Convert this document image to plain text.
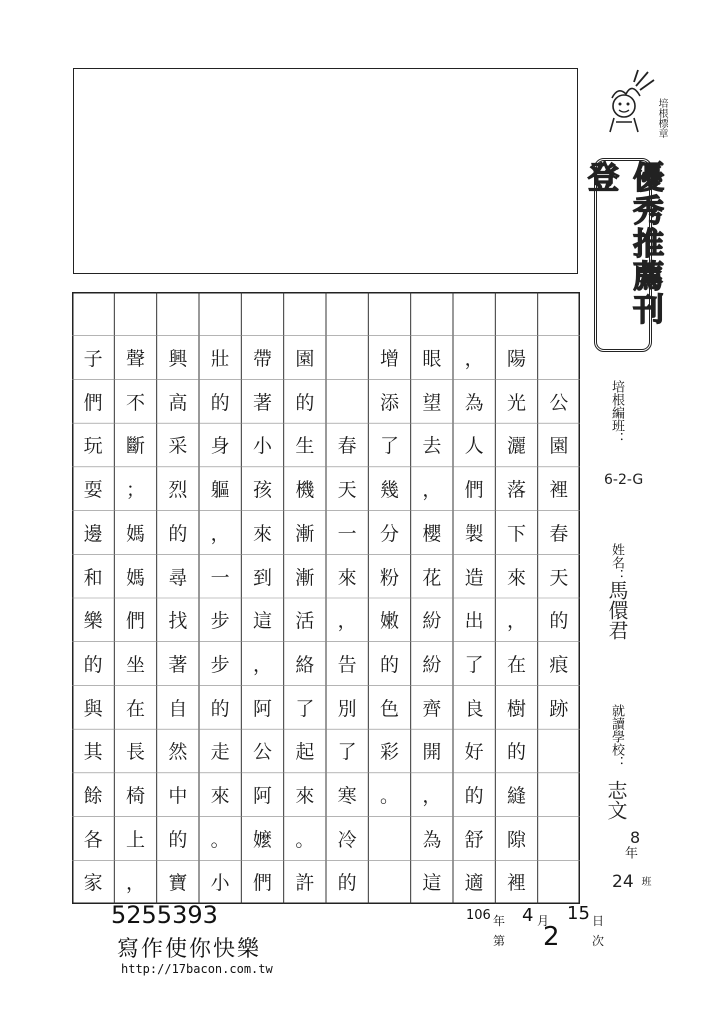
培根標章
優秀推薦刊登
培根編班：
6-2-G
姓名：
馬儇君
就讀學校：
志文
8
年
24 班
公
園
裡
春
天
的
痕
跡
陽
光
灑
落
下
來
，
在
樹
的
縫
隙
裡
，
為
人
們
製
造
出
了
良
好
的
舒
適
眼
望
去
，
櫻
花
紛
紛
齊
開
，
為
這
增
添
了
幾
分
粉
嫩
的
色
彩
。
春
天
一
來
，
告
別
了
寒
冷
的
園
的
生
機
漸
漸
活
絡
了
起
來
。
許
帶
著
小
孩
來
到
這
，
阿
公
阿
嬤
們
壯
的
身
軀
，
一
步
步
的
走
來
。
小
興
高
采
烈
的
尋
找
著
自
然
中
的
寶
聲
不
斷
；
媽
媽
們
坐
在
長
椅
上
，
子
們
玩
耍
邊
和
樂
的
與
其
餘
各
家
5255393
寫作使你快樂
http://17bacon.com.tw
106 年 4 月 15 日
第 2	次
